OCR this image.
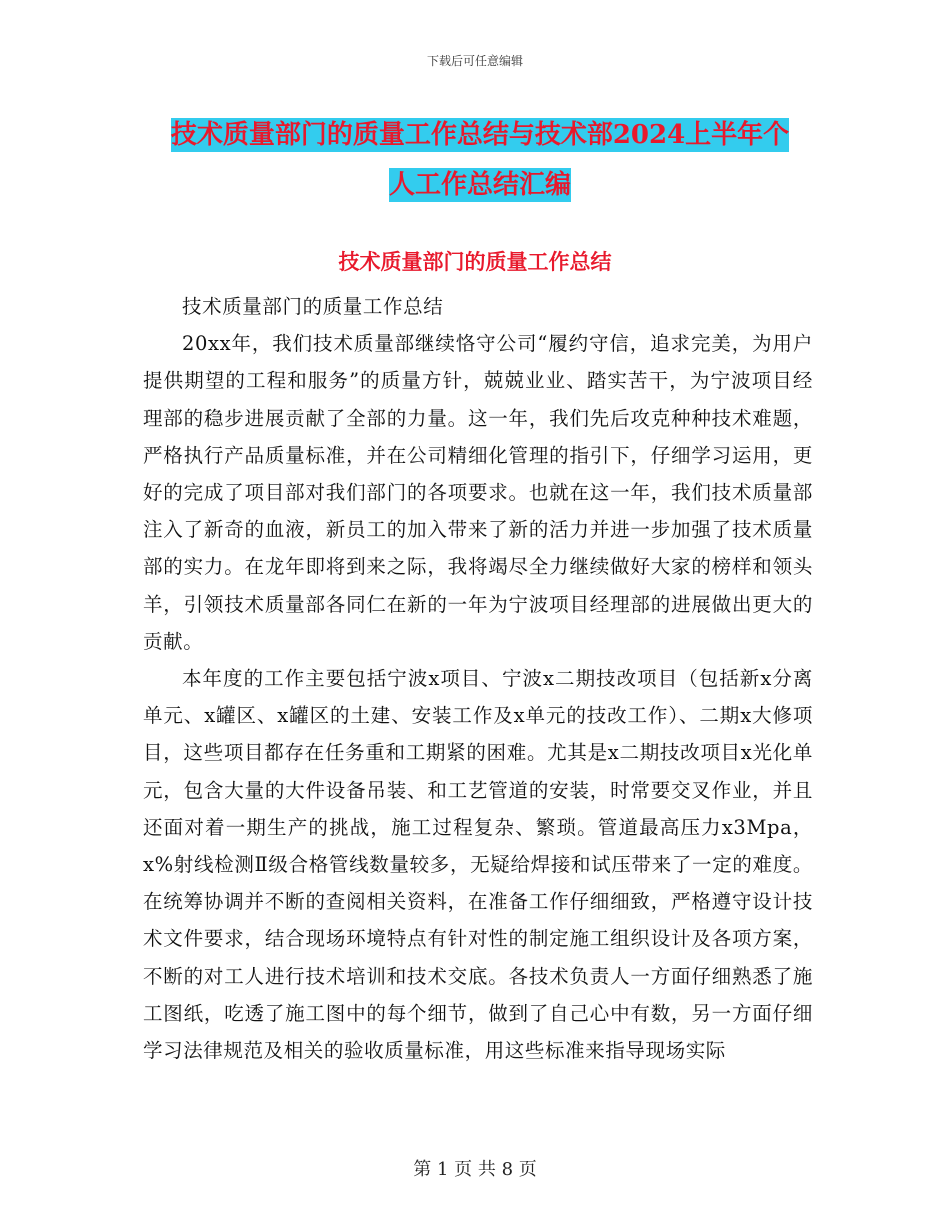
下载后可任意编辑
技术质量部门的质量工作总结与技术部2024上半年个
人工作总结汇编
技术质量部门的质量工作总结

技术质量部门的质量工作总结

20xx年，我们技术质量部继续恪守公司“履约守信，追求完美，为用户提供期望的工程和服务”的质量方针，兢兢业业、踏实苦干，为宁波项目经理部的稳步进展贡献了全部的力量。这一年，我们先后攻克种种技术难题，严格执行产品质量标准，并在公司精细化管理的指引下，仔细学习运用，更好的完成了项目部对我们部门的各项要求。也就在这一年，我们技术质量部注入了新奇的血液，新员工的加入带来了新的活力并进一步加强了技术质量部的实力。在龙年即将到来之际，我将竭尽全力继续做好大家的榜样和领头羊，引领技术质量部各同仁在新的一年为宁波项目经理部的进展做出更大的贡献。

本年度的工作主要包括宁波x项目、宁波x二期技改项目（包括新x分离单元、x罐区、x罐区的土建、安装工作及x单元的技改工作）、二期x大修项目，这些项目都存在任务重和工期紧的困难。尤其是x二期技改项目x光化单元，包含大量的大件设备吊装、和工艺管道的安装，时常要交叉作业，并且还面对着一期生产的挑战，施工过程复杂、繁琐。管道最高压力x3Mpa，x%射线检测Ⅱ级合格管线数量较多，无疑给焊接和试压带来了一定的难度。在统筹协调并不断的查阅相关资料，在准备工作仔细细致，严格遵守设计技术文件要求，结合现场环境特点有针对性的制定施工组织设计及各项方案，不断的对工人进行技术培训和技术交底。各技术负责人一方面仔细熟悉了施工图纸，吃透了施工图中的每个细节，做到了自己心中有数，另一方面仔细学习法律规范及相关的验收质量标准，用这些标准来指导现场实际

第 1 页 共 8 页
